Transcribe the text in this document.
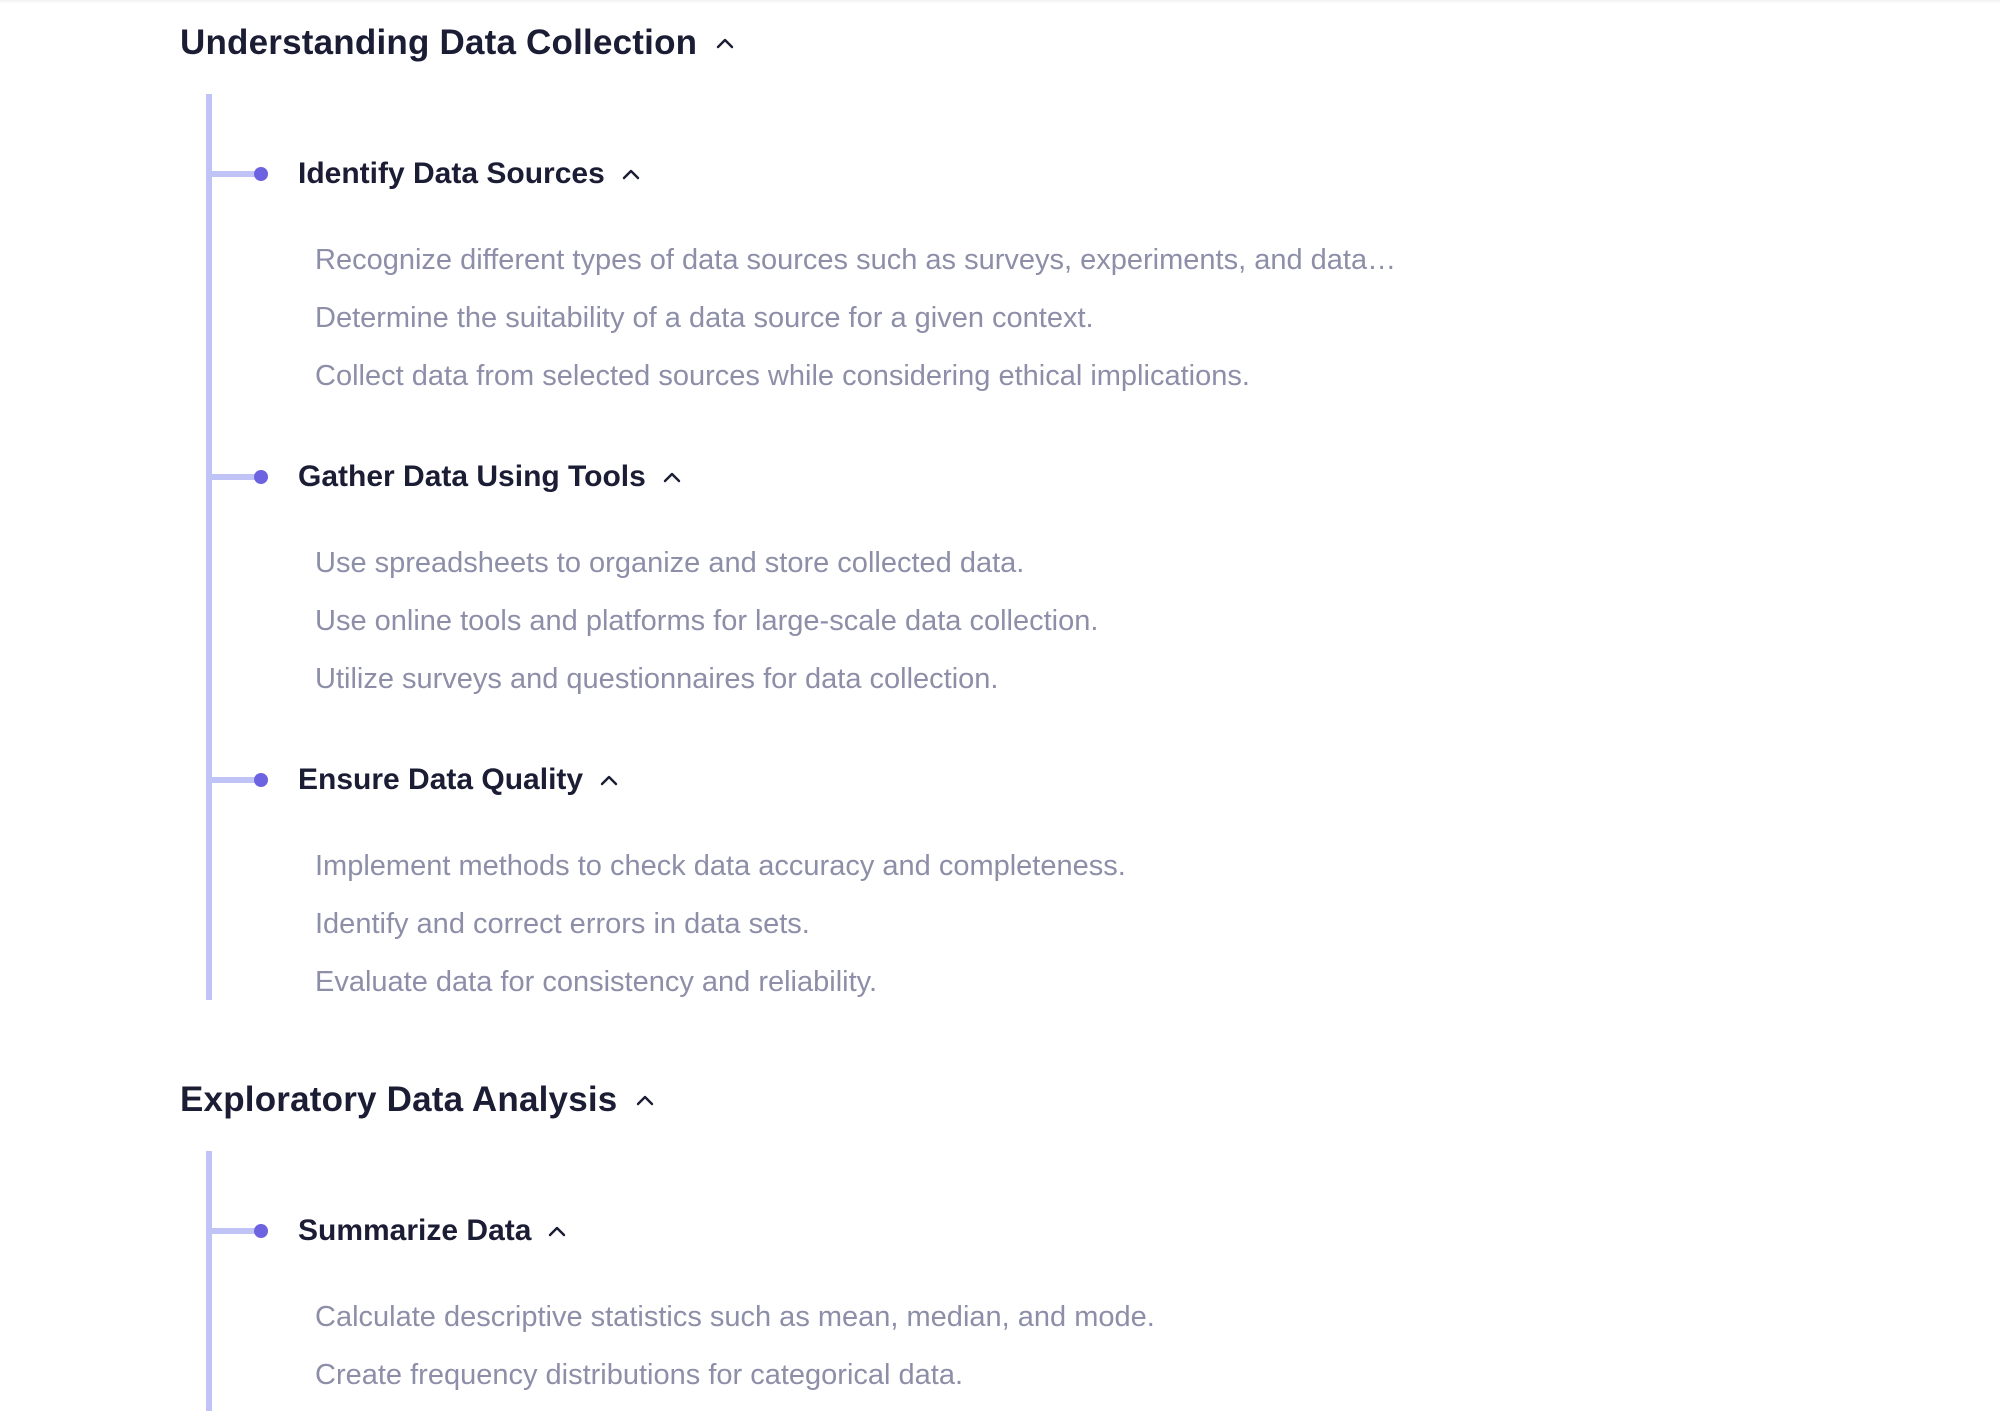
Understanding Data Collection
Identify Data Sources
Recognize different types of data sources such as surveys, experiments, and data…
Determine the suitability of a data source for a given context.
Collect data from selected sources while considering ethical implications.
Gather Data Using Tools
Use spreadsheets to organize and store collected data.
Use online tools and platforms for large-scale data collection.
Utilize surveys and questionnaires for data collection.
Ensure Data Quality
Implement methods to check data accuracy and completeness.
Identify and correct errors in data sets.
Evaluate data for consistency and reliability.
Exploratory Data Analysis
Summarize Data
Calculate descriptive statistics such as mean, median, and mode.
Create frequency distributions for categorical data.
